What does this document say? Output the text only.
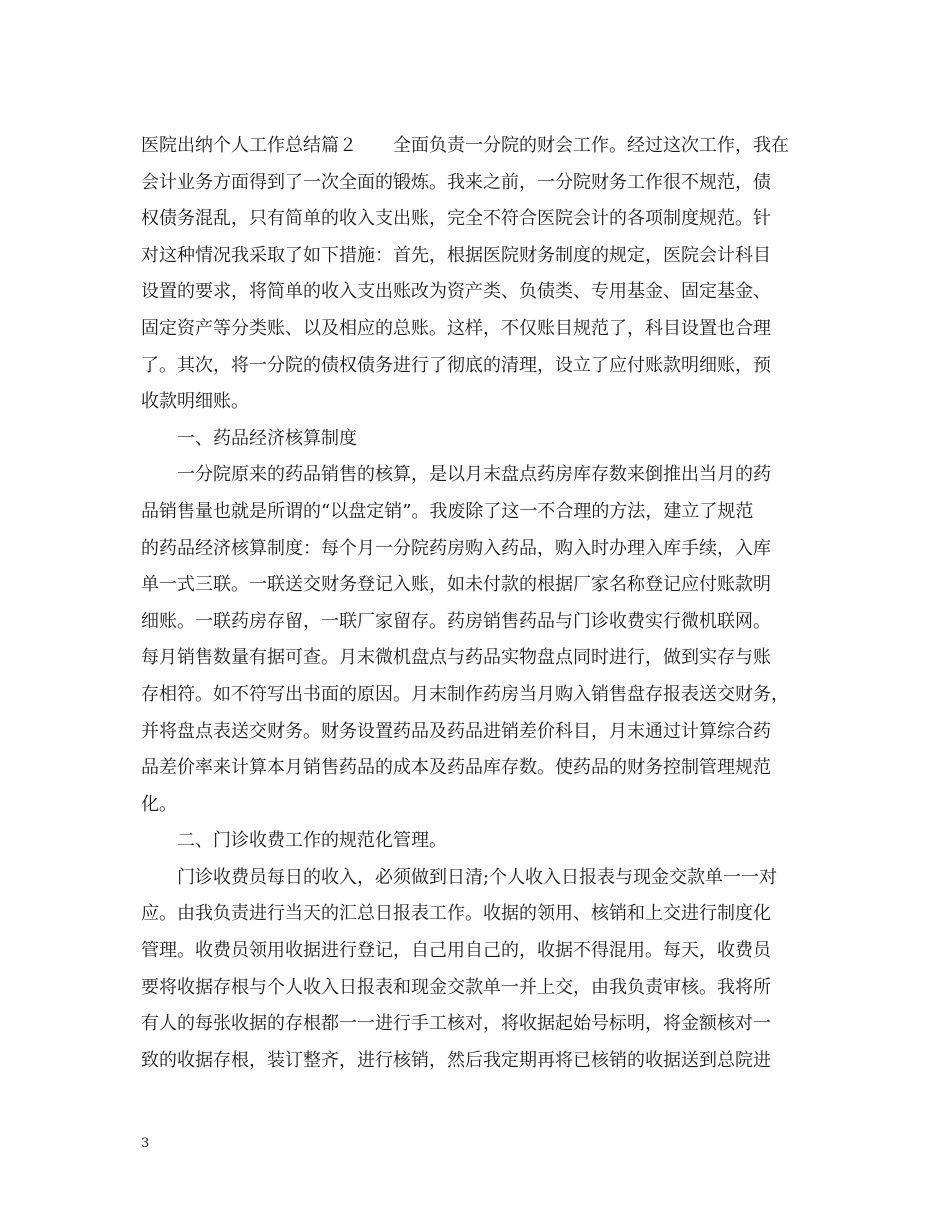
医院出纳个人工作总结篇２　　全面负责一分院的财会工作。经过这次工作，我在
会计业务方面得到了一次全面的锻炼。我来之前，一分院财务工作很不规范，债
权债务混乱，只有简单的收入支出账，完全不符合医院会计的各项制度规范。针
对这种情况我采取了如下措施：首先，根据医院财务制度的规定，医院会计科目
设置的要求，将简单的收入支出账改为资产类、负债类、专用基金、固定基金、
固定资产等分类账、以及相应的总账。这样，不仅账目规范了，科目设置也合理
了。其次，将一分院的债权债务进行了彻底的清理，设立了应付账款明细账，预
收款明细账。
一、药品经济核算制度
一分院原来的药品销售的核算，是以月末盘点药房库存数来倒推出当月的药
品销售量也就是所谓的“以盘定销”。我废除了这一不合理的方法，建立了规范
的药品经济核算制度：每个月一分院药房购入药品，购入时办理入库手续，入库
单一式三联。一联送交财务登记入账，如未付款的根据厂家名称登记应付账款明
细账。一联药房存留，一联厂家留存。药房销售药品与门诊收费实行微机联网。
每月销售数量有据可查。月末微机盘点与药品实物盘点同时进行，做到实存与账
存相符。如不符写出书面的原因。月末制作药房当月购入销售盘存报表送交财务，
并将盘点表送交财务。财务设置药品及药品进销差价科目，月末通过计算综合药
品差价率来计算本月销售药品的成本及药品库存数。使药品的财务控制管理规范
化。
二、门诊收费工作的规范化管理。
门诊收费员每日的收入，必须做到日清;个人收入日报表与现金交款单一一对
应。由我负责进行当天的汇总日报表工作。收据的领用、核销和上交进行制度化
管理。收费员领用收据进行登记，自己用自己的，收据不得混用。每天，收费员
要将收据存根与个人收入日报表和现金交款单一并上交，由我负责审核。我将所
有人的每张收据的存根都一一进行手工核对，将收据起始号标明，将金额核对一
致的收据存根，装订整齐，进行核销，然后我定期再将已核销的收据送到总院进
3
